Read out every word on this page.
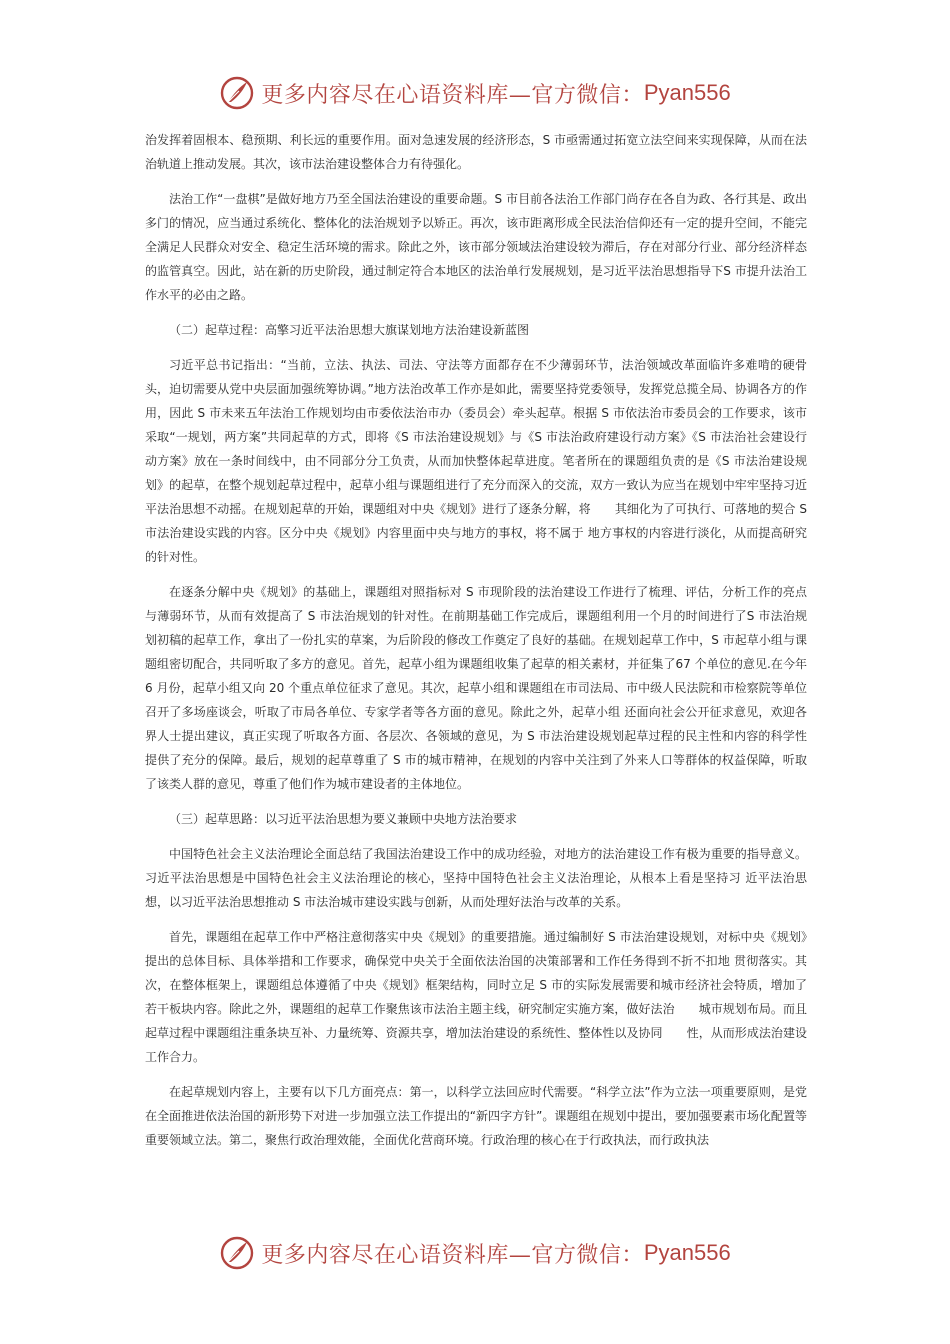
更多内容尽在心语资料库—官方微信： Pyan556

治发挥着固根本、稳预期、利长远的重要作用。面对急速发展的经济形态，S 市亟需通过拓宽立法空间来实现保障，从而在法治轨道上推动发展。其次，该市法治建设整体合力有待强化。

法治工作“一盘棋”是做好地方乃至全国法治建设的重要命题。S 市目前各法治工作部门尚存在各自为政、各行其是、政出多门的情况，应当通过系统化、整体化的法治规划予以矫正。再次，该市距离形成全民法治信仰还有一定的提升空间，不能完全满足人民群众对安全、稳定生活环境的需求。除此之外，该市部分领域法治建设较为滞后，存在对部分行业、部分经济样态的监管真空。因此，站在新的历史阶段，通过制定符合本地区的法治单行发展规划，是习近平法治思想指导下S 市提升法治工作水平的必由之路。

（二）起草过程：高擎习近平法治思想大旗谋划地方法治建设新蓝图

习近平总书记指出：“当前，立法、执法、司法、守法等方面都存在不少薄弱环节，法治领域改革面临许多难啃的硬骨头，迫切需要从党中央层面加强统筹协调。”地方法治改革工作亦是如此，需要坚持党委领导，发挥党总揽全局、协调各方的作用，因此 S 市未来五年法治工作规划均由市委依法治市办（委员会）牵头起草。根据 S 市依法治市委员会的工作要求，该市采取“一规划，两方案”共同起草的方式，即将《S 市法治建设规划》与《S 市法治政府建设行动方案》《S 市法治社会建设行动方案》放在一条时间线中，由不同部分分工负责，从而加快整体起草进度。笔者所在的课题组负责的是《S 市法治建设规划》的起草，在整个规划起草过程中，起草小组与课题组进行了充分而深入的交流，双方一致认为应当在规划中牢牢坚持习近平法治思想不动摇。在规划起草的开始，课题组对中央《规划》进行了逐条分解，将　　其细化为了可执行、可落地的契合 S 市法治建设实践的内容。区分中央《规划》内容里面中央与地方的事权，将不属于 地方事权的内容进行淡化，从而提高研究的针对性。

在逐条分解中央《规划》的基础上，课题组对照指标对 S 市现阶段的法治建设工作进行了梳理、评估，分析工作的亮点与薄弱环节，从而有效提高了 S 市法治规划的针对性。在前期基础工作完成后，课题组利用一个月的时间进行了S 市法治规划初稿的起草工作，拿出了一份扎实的草案，为后阶段的修改工作奠定了良好的基础。在规划起草工作中，S 市起草小组与课题组密切配合，共同听取了多方的意见。首先，起草小组为课题组收集了起草的相关素材，并征集了67 个单位的意见.在今年 6 月份，起草小组又向 20 个重点单位征求了意见。其次，起草小组和课题组在市司法局、市中级人民法院和市检察院等单位召开了多场座谈会，听取了市局各单位、专家学者等各方面的意见。除此之外，起草小组 还面向社会公开征求意见，欢迎各界人士提出建议，真正实现了听取各方面、各层次、各领域的意见，为 S 市法治建设规划起草过程的民主性和内容的科学性提供了充分的保障。最后，规划的起草尊重了 S 市的城市精神，在规划的内容中关注到了外来人口等群体的权益保障，听取了该类人群的意见，尊重了他们作为城市建设者的主体地位。

（三）起草思路：以习近平法治思想为要义兼顾中央地方法治要求

中国特色社会主义法治理论全面总结了我国法治建设工作中的成功经验，对地方的法治建设工作有极为重要的指导意义。习近平法治思想是中国特色社会主义法治理论的核心，坚持中国特色社会主义法治理论，从根本上看是坚持习 近平法治思想，以习近平法治思想推动 S 市法治城市建设实践与创新，从而处理好法治与改革的关系。

首先，课题组在起草工作中严格注意彻落实中央《规划》的重要措施。通过编制好 S 市法治建设规划，对标中央《规划》提出的总体目标、具体举措和工作要求，确保党中央关于全面依法治国的决策部署和工作任务得到不折不扣地 贯彻落实。其次，在整体框架上，课题组总体遵循了中央《规划》框架结构，同时立足 S 市的实际发展需要和城市经济社会特质，增加了若干板块内容。除此之外，课题组的起草工作聚焦该市法治主题主线，研究制定实施方案，做好法治　　城市规划布局。而且起草过程中课题组注重条块互补、力量统筹、资源共享，增加法治建设的系统性、整体性以及协同　　性，从而形成法治建设工作合力。

在起草规划内容上，主要有以下几方面亮点：第一，以科学立法回应时代需要。“科学立法”作为立法一项重要原则，是党在全面推进依法治国的新形势下对进一步加强立法工作提出的“新四字方针”。课题组在规划中提出，要加强要素市场化配置等重要领域立法。第二，聚焦行政治理效能，全面优化营商环境。行政治理的核心在于行政执法，而行政执法

更多内容尽在心语资料库—官方微信： Pyan556
